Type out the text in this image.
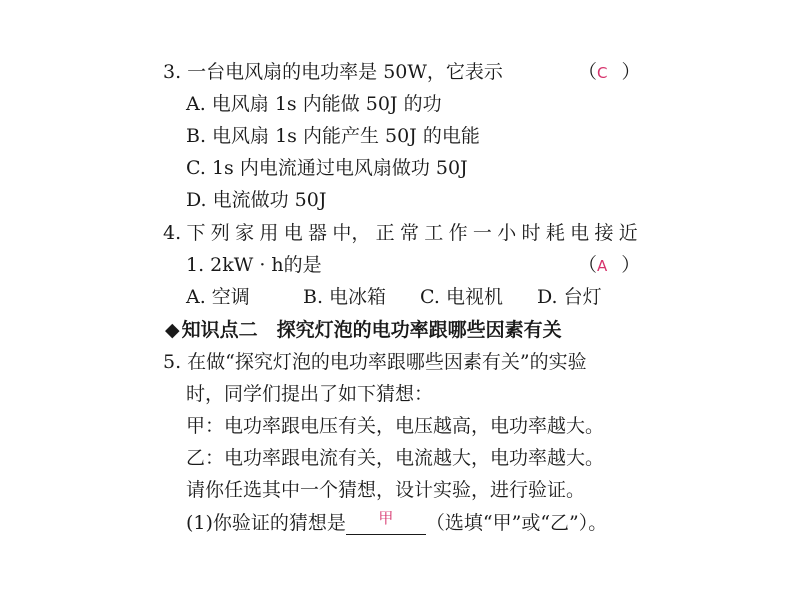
3. 一台电风扇的电功率是 50W，它表示	（C ）
A. 电风扇 1s 内能做 50J 的功
B. 电风扇 1s 内能产生 50J 的电能
C. 1s 内电流通过电风扇做功 50J
D. 电流做功 50J
4. 下 列 家 用 电 器 中， 正 常 工 作 一 小 时 耗 电 接 近
1. 2kW · h的是	（A ）
A. 空调	B. 电冰箱 C. 电视机 D. 台灯
◆ 知识点二　探究灯泡的电功率跟哪些因素有关
5. 在做“探究灯泡的电功率跟哪些因素有关”的实验
时，同学们提出了如下猜想：
甲：电功率跟电压有关，电压越高，电功率越大。
乙：电功率跟电流有关，电流越大，电功率越大。
请你任选其中一个猜想，设计实验，进行验证。
(1)你验证的猜想是	甲	（选填“甲”或“乙”）。
